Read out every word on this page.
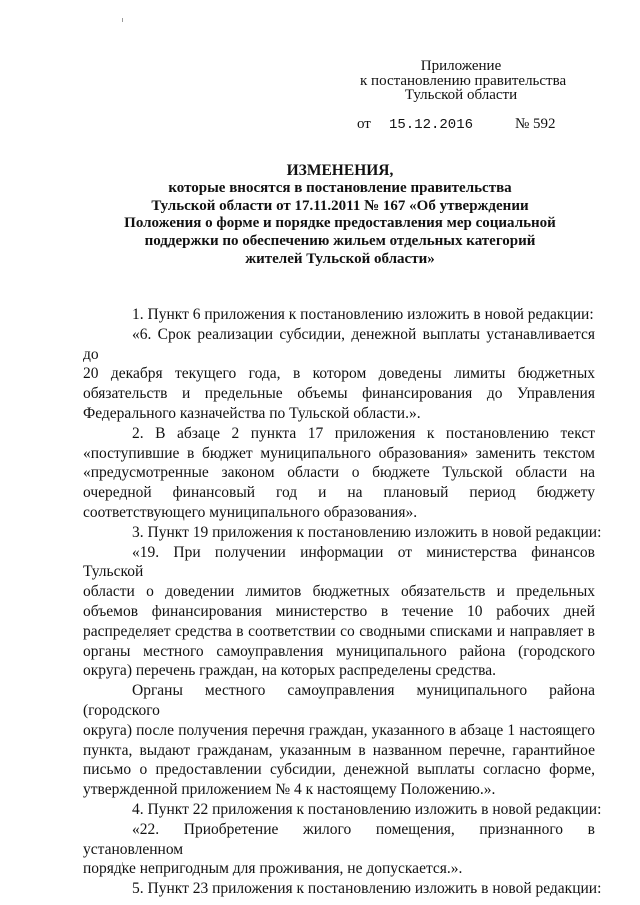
Приложение
к постановлению правительства
Тульской области
от 15.12.2016	№ 592
ИЗМЕНЕНИЯ,
которые вносятся в постановление правительства
Тульской области от 17.11.2011 № 167 «Об утверждении
Положения о форме и порядке предоставления мер социальной
поддержки по обеспечению жильем отдельных категорий
жителей Тульской области»

1. Пункт 6 приложения к постановлению изложить в новой редакции:

«6. Срок реализации субсидии, денежной выплаты устанавливается до
20 декабря текущего года, в котором доведены лимиты бюджетных
обязательств и предельные объемы финансирования до Управления
Федерального казначейства по Тульской области.».

2. В абзаце 2 пункта 17 приложения к постановлению текст
«поступившие в бюджет муниципального образования» заменить текстом
«предусмотренные законом области о бюджете Тульской области на
очередной финансовый год и на плановый период бюджету
соответствующего муниципального образования».

3. Пункт 19 приложения к постановлению изложить в новой редакции:

«19. При получении информации от министерства финансов Тульской
области о доведении лимитов бюджетных обязательств и предельных
объемов финансирования министерство в течение 10 рабочих дней
распределяет средства в соответствии со сводными списками и направляет в
органы местного самоуправления муниципального района (городского
округа) перечень граждан, на которых распределены средства.

Органы местного самоуправления муниципального района (городского
округа) после получения перечня граждан, указанного в абзаце 1 настоящего
пункта, выдают гражданам, указанным в названном перечне, гарантийное
письмо о предоставлении субсидии, денежной выплаты согласно форме,
утвержденной приложением № 4 к настоящему Положению.».

4. Пункт 22 приложения к постановлению изложить в новой редакции:

«22. Приобретение жилого помещения, признанного в установленном
порядке непригодным для проживания, не допускается.».

5. Пункт 23 приложения к постановлению изложить в новой редакции:
